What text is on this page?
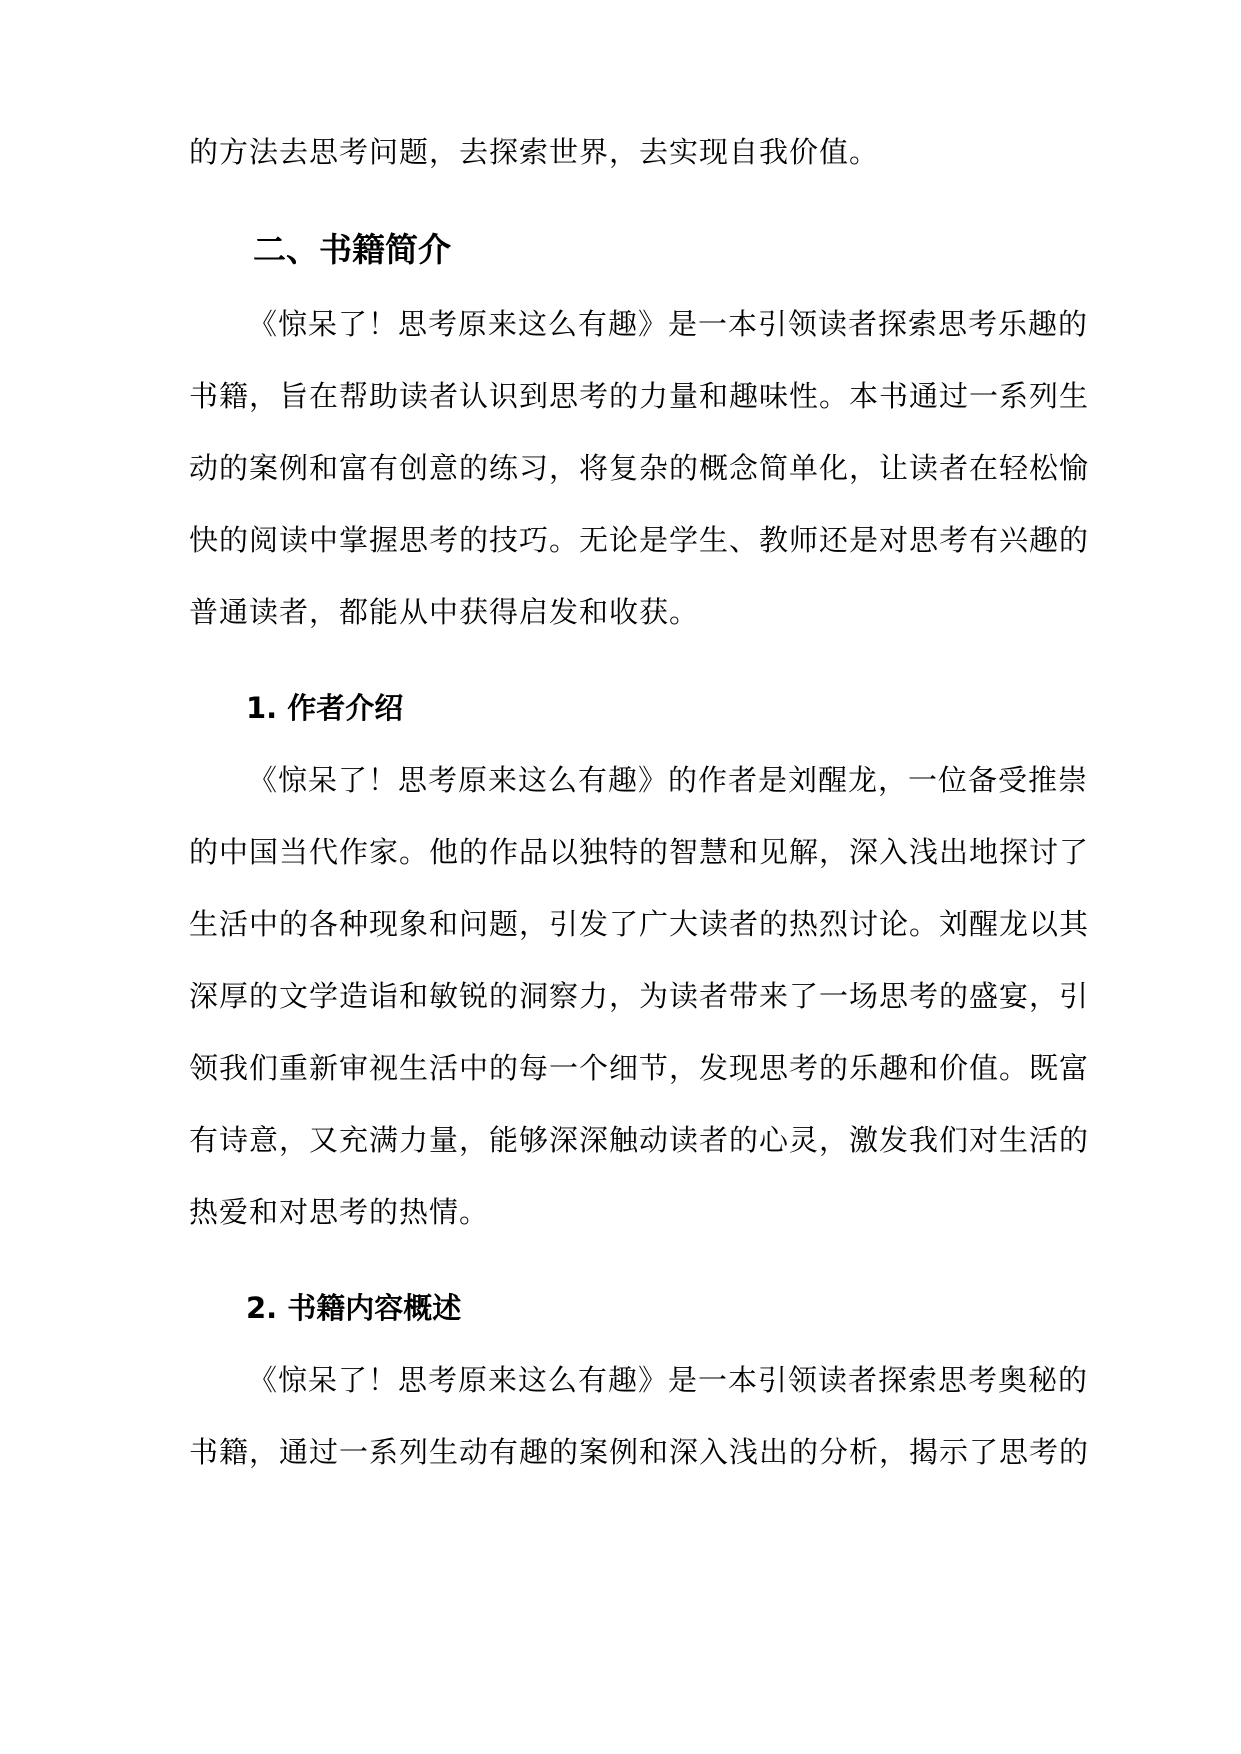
的方法去思考问题，去探索世界，去实现自我价值。
二、书籍简介
《惊呆了！思考原来这么有趣》是一本引领读者探索思考乐趣的
书籍，旨在帮助读者认识到思考的力量和趣味性。本书通过一系列生
动的案例和富有创意的练习，将复杂的概念简单化，让读者在轻松愉
快的阅读中掌握思考的技巧。无论是学生、教师还是对思考有兴趣的
普通读者，都能从中获得启发和收获。
1. 作者介绍
《惊呆了！思考原来这么有趣》的作者是刘醒龙，一位备受推崇
的中国当代作家。他的作品以独特的智慧和见解，深入浅出地探讨了
生活中的各种现象和问题，引发了广大读者的热烈讨论。刘醒龙以其
深厚的文学造诣和敏锐的洞察力，为读者带来了一场思考的盛宴，引
领我们重新审视生活中的每一个细节，发现思考的乐趣和价值。既富
有诗意，又充满力量，能够深深触动读者的心灵，激发我们对生活的
热爱和对思考的热情。
2. 书籍内容概述
《惊呆了！思考原来这么有趣》是一本引领读者探索思考奥秘的
书籍，通过一系列生动有趣的案例和深入浅出的分析，揭示了思考的
